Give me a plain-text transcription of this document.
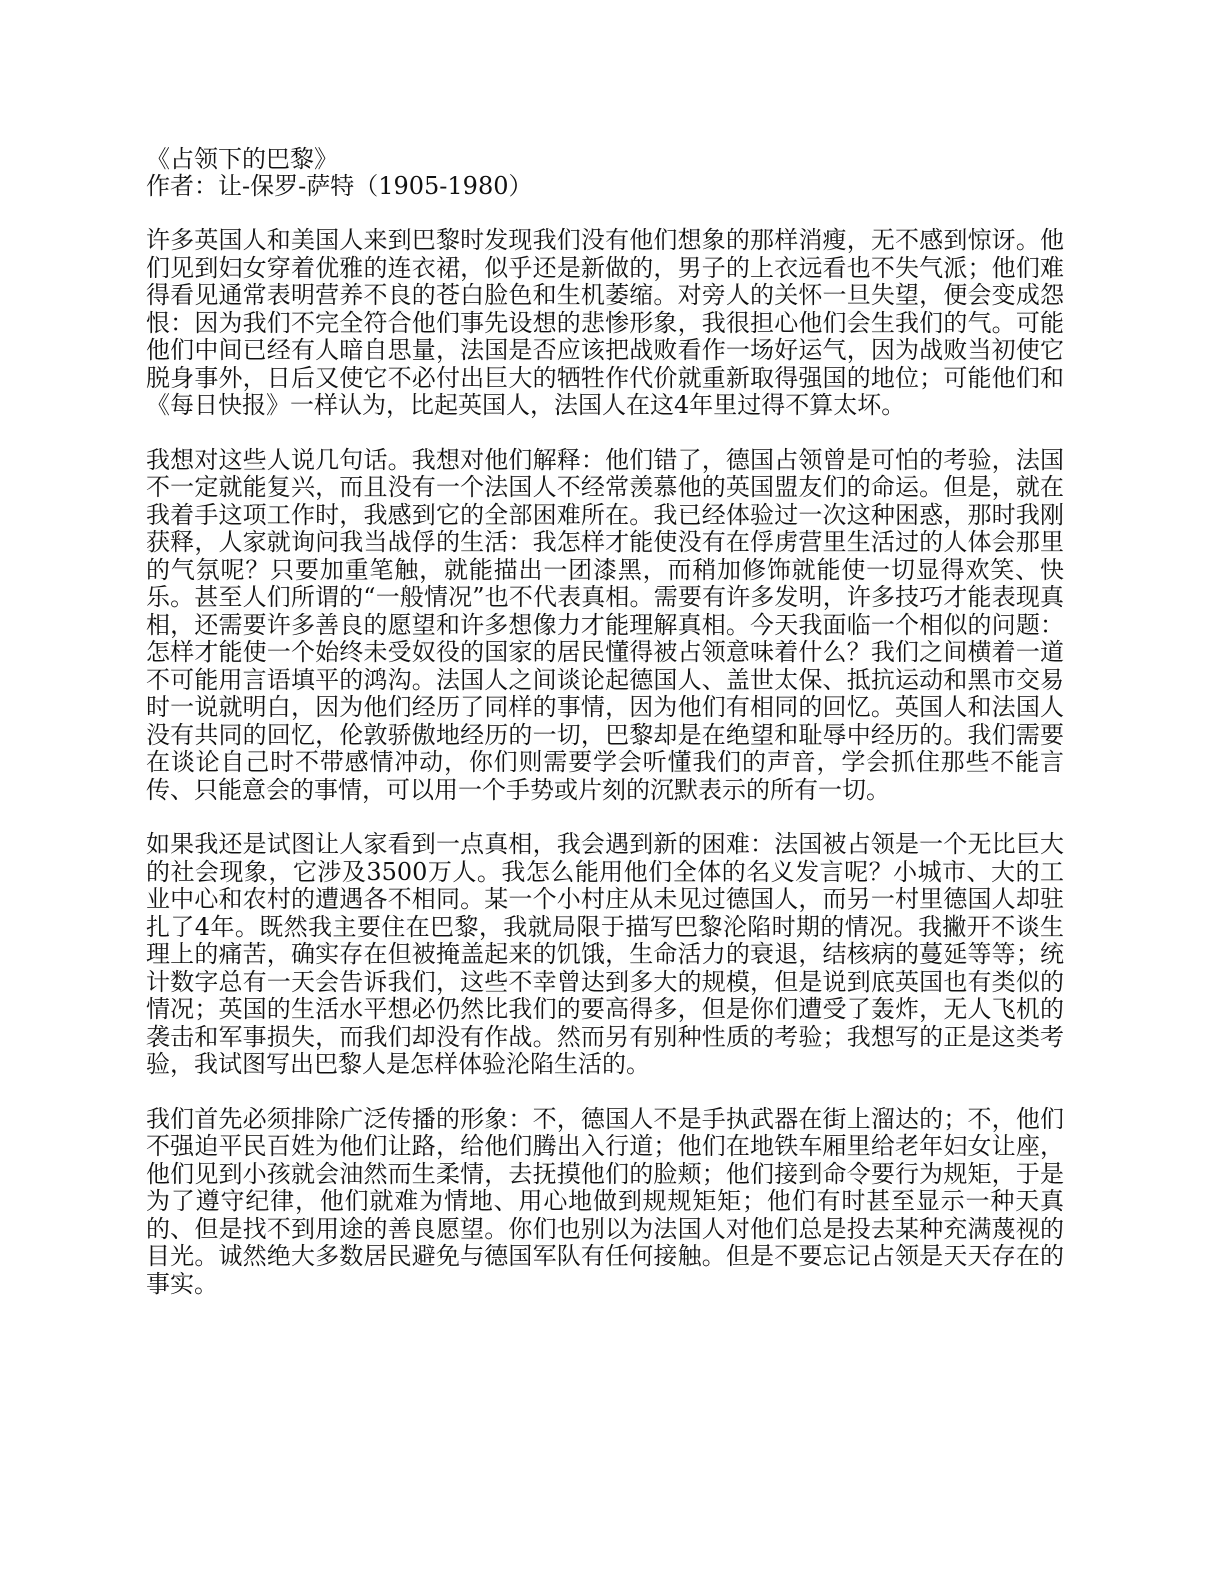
《占领下的巴黎》

作者：让-保罗-萨特（1905-1980）

许多英国人和美国人来到巴黎时发现我们没有他们想象的那样消瘦，无不感到惊讶。他们见到妇女穿着优雅的连衣裙，似乎还是新做的，男子的上衣远看也不失气派；他们难得看见通常表明营养不良的苍白脸色和生机萎缩。对旁人的关怀一旦失望，便会变成怨恨：因为我们不完全符合他们事先设想的悲惨形象，我很担心他们会生我们的气。可能他们中间已经有人暗自思量，法国是否应该把战败看作一场好运气，因为战败当初使它脱身事外，日后又使它不必付出巨大的牺牲作代价就重新取得强国的地位；可能他们和《每日快报》一样认为，比起英国人，法国人在这4年里过得不算太坏。

我想对这些人说几句话。我想对他们解释：他们错了，德国占领曾是可怕的考验，法国不一定就能复兴，而且没有一个法国人不经常羡慕他的英国盟友们的命运。但是，就在我着手这项工作时，我感到它的全部困难所在。我已经体验过一次这种困惑，那时我刚获释，人家就询问我当战俘的生活：我怎样才能使没有在俘虏营里生活过的人体会那里的气氛呢？只要加重笔触，就能描出一团漆黑，而稍加修饰就能使一切显得欢笑、快乐。甚至人们所谓的“一般情况”也不代表真相。需要有许多发明，许多技巧才能表现真相，还需要许多善良的愿望和许多想像力才能理解真相。今天我面临一个相似的问题：怎样才能使一个始终未受奴役的国家的居民懂得被占领意味着什么？我们之间横着一道不可能用言语填平的鸿沟。法国人之间谈论起德国人、盖世太保、抵抗运动和黑市交易时一说就明白，因为他们经历了同样的事情，因为他们有相同的回忆。英国人和法国人没有共同的回忆，伦敦骄傲地经历的一切，巴黎却是在绝望和耻辱中经历的。我们需要在谈论自己时不带感情冲动，你们则需要学会听懂我们的声音，学会抓住那些不能言传、只能意会的事情，可以用一个手势或片刻的沉默表示的所有一切。

如果我还是试图让人家看到一点真相，我会遇到新的困难：法国被占领是一个无比巨大的社会现象，它涉及3500万人。我怎么能用他们全体的名义发言呢？小城市、大的工业中心和农村的遭遇各不相同。某一个小村庄从未见过德国人，而另一村里德国人却驻扎了4年。既然我主要住在巴黎，我就局限于描写巴黎沦陷时期的情况。我撇开不谈生理上的痛苦，确实存在但被掩盖起来的饥饿，生命活力的衰退，结核病的蔓延等等；统计数字总有一天会告诉我们，这些不幸曾达到多大的规模，但是说到底英国也有类似的情况；英国的生活水平想必仍然比我们的要高得多，但是你们遭受了轰炸，无人飞机的袭击和军事损失，而我们却没有作战。然而另有别种性质的考验；我想写的正是这类考验，我试图写出巴黎人是怎样体验沦陷生活的。

我们首先必须排除广泛传播的形象：不，德国人不是手执武器在街上溜达的；不，他们不强迫平民百姓为他们让路，给他们腾出入行道；他们在地铁车厢里给老年妇女让座，他们见到小孩就会油然而生柔情，去抚摸他们的脸颊；他们接到命令要行为规矩，于是为了遵守纪律，他们就难为情地、用心地做到规规矩矩；他们有时甚至显示一种天真的、但是找不到用途的善良愿望。你们也别以为法国人对他们总是投去某种充满蔑视的目光。诚然绝大多数居民避免与德国军队有任何接触。但是不要忘记占领是天天存在的事实。
